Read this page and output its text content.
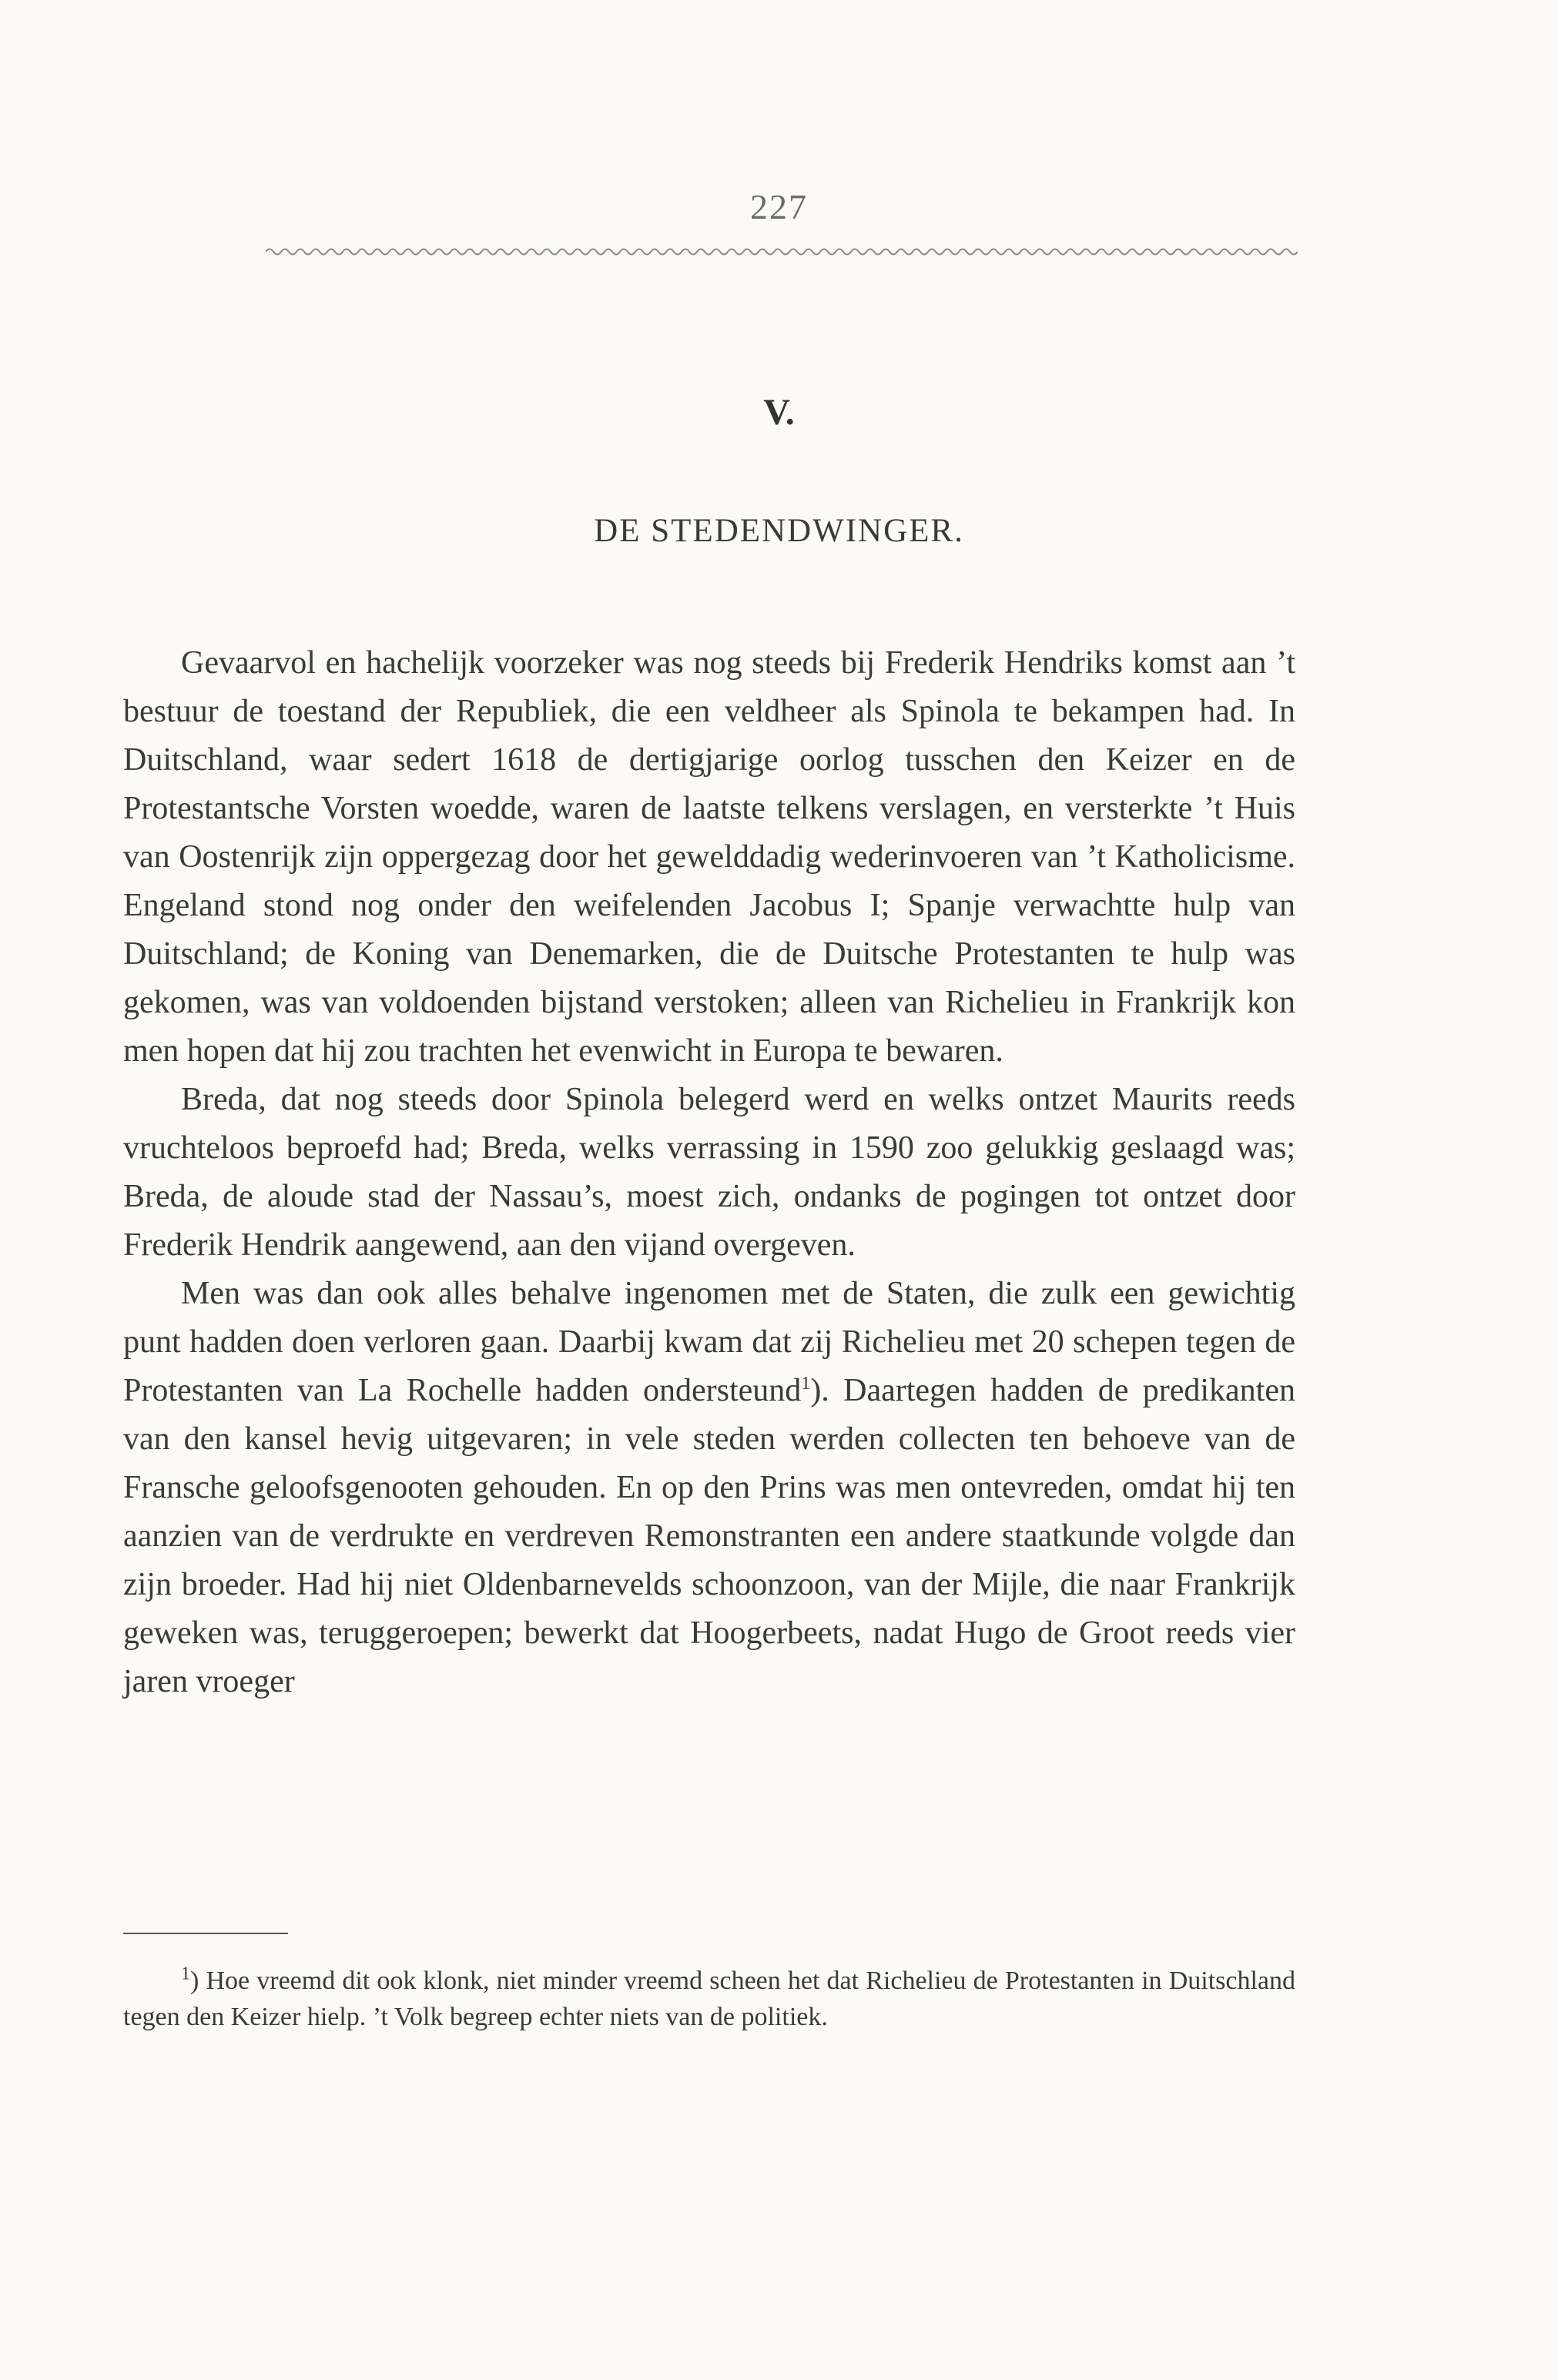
227
V.
DE STEDENDWINGER.

Gevaarvol en hachelijk voorzeker was nog steeds bij Frederik Hendriks komst aan ’t bestuur de toestand der Republiek, die een veldheer als Spinola te bekampen had. In Duitschland, waar sedert 1618 de dertigjarige oorlog tusschen den Keizer en de Protestantsche Vorsten woedde, waren de laatste telkens verslagen, en versterkte ’t Huis van Oostenrijk zijn oppergezag door het gewelddadig wederinvoeren van ’t Katholicisme. Engeland stond nog onder den weifelenden Jacobus I; Spanje verwachtte hulp van Duitschland; de Koning van Denemarken, die de Duitsche Protestanten te hulp was gekomen, was van voldoenden bijstand verstoken; alleen van Richelieu in Frankrijk kon men hopen dat hij zou trachten het evenwicht in Europa te bewaren.

Breda, dat nog steeds door Spinola belegerd werd en welks ontzet Maurits reeds vruchteloos beproefd had; Breda, welks verrassing in 1590 zoo gelukkig geslaagd was; Breda, de aloude stad der Nassau’s, moest zich, ondanks de pogingen tot ontzet door Frederik Hendrik aangewend, aan den vijand overgeven.

Men was dan ook alles behalve ingenomen met de Staten, die zulk een gewichtig punt hadden doen verloren gaan. Daarbij kwam dat zij Richelieu met 20 schepen tegen de Protestanten van La Rochelle hadden ondersteund$^1$). Daartegen hadden de predikanten van den kansel hevig uitgevaren; in vele steden werden collecten ten behoeve van de Fransche geloofsgenooten gehouden. En op den Prins was men ontevreden, omdat hij ten aanzien van de verdrukte en verdreven Remonstranten een andere staatkunde volgde dan zijn broeder. Had hij niet Oldenbarnevelds schoonzoon, van der Mijle, die naar Frankrijk geweken was, teruggeroepen; bewerkt dat Hoogerbeets, nadat Hugo de Groot reeds vier jaren vroeger

$^1$) Hoe vreemd dit ook klonk, niet minder vreemd scheen het dat Richelieu de Protestanten in Duitschland tegen den Keizer hielp. ’t Volk begreep echter niets van de politiek.
